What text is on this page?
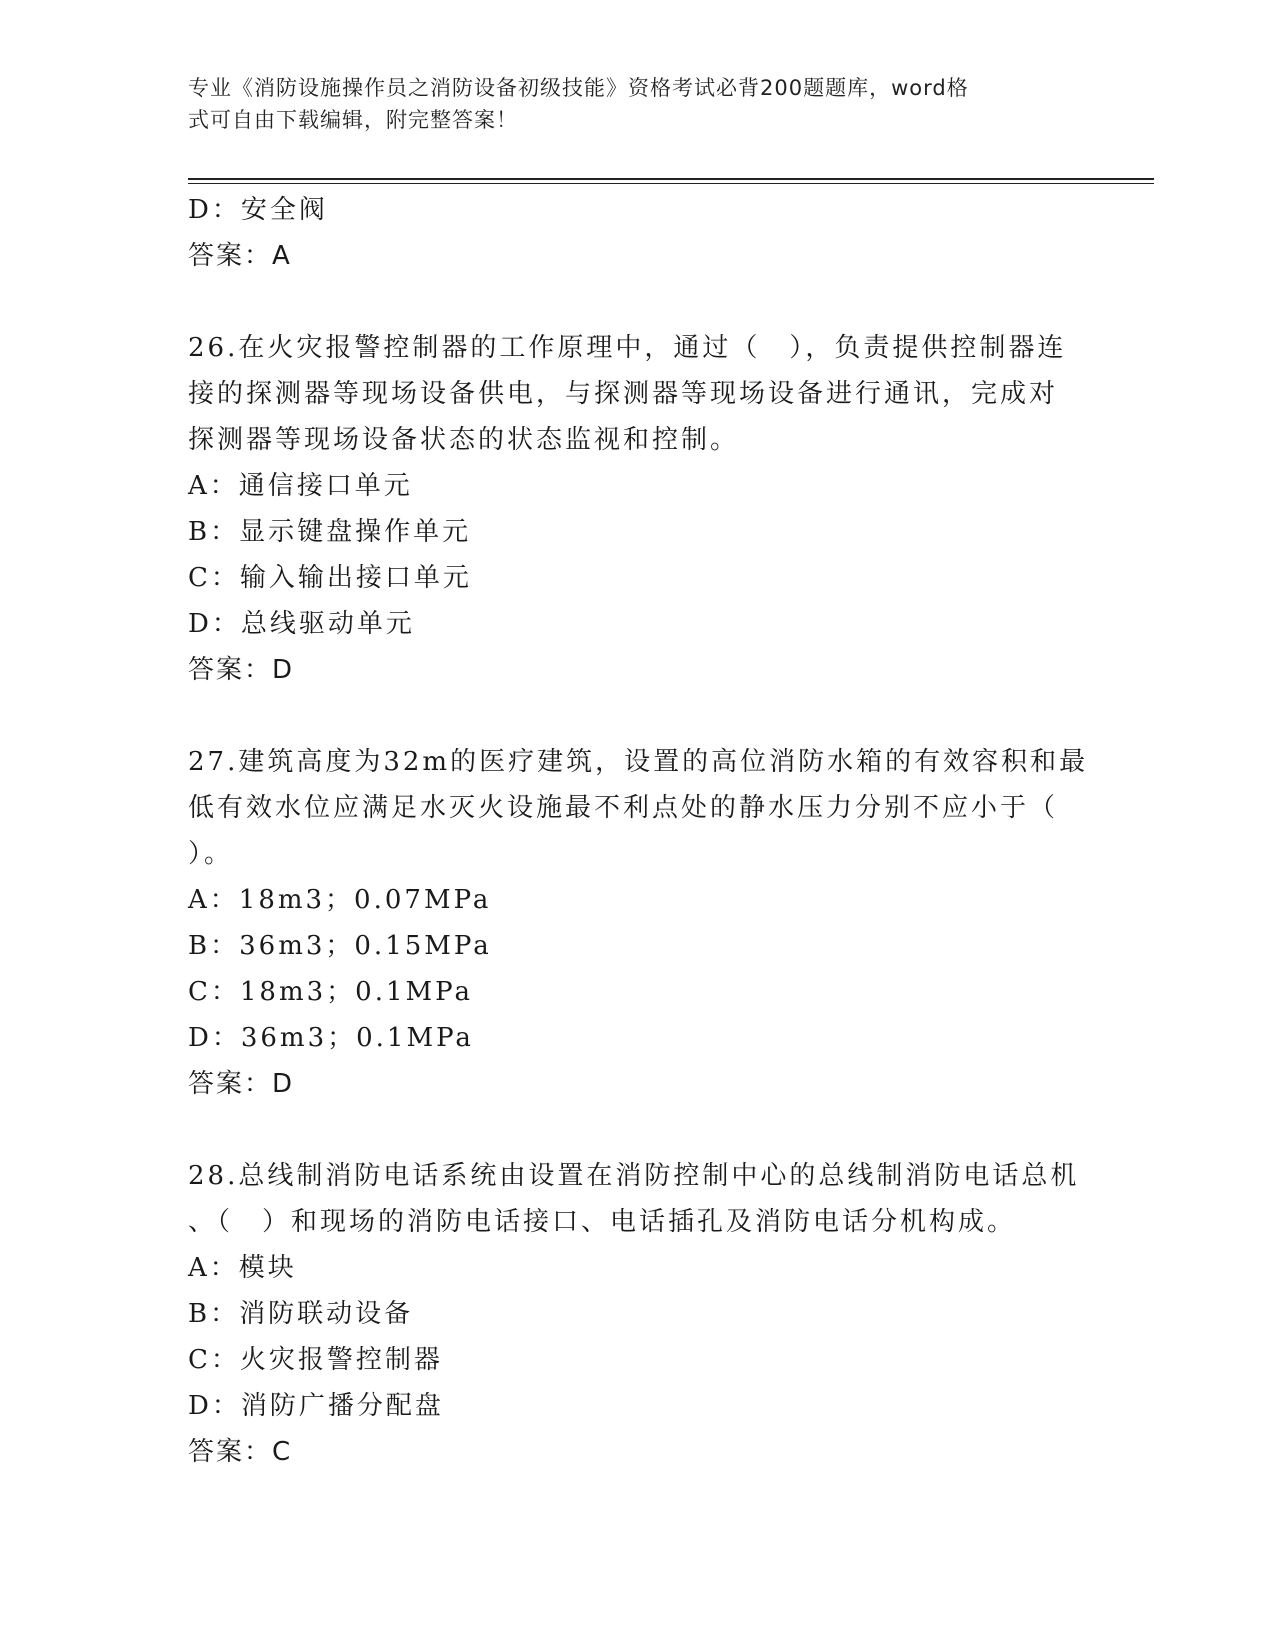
专业《消防设施操作员之消防设备初级技能》资格考试必背200题题库，word格
式可自由下载编辑，附完整答案！
D：安全阀
答案：A
26.在火灾报警控制器的工作原理中，通过（　），负责提供控制器连
接的探测器等现场设备供电，与探测器等现场设备进行通讯，完成对
探测器等现场设备状态的状态监视和控制。
A：通信接口单元
B：显示键盘操作单元
C：输入输出接口单元
D：总线驱动单元
答案：D
27.建筑高度为32m的医疗建筑，设置的高位消防水箱的有效容积和最
低有效水位应满足水灭火设施最不利点处的静水压力分别不应小于（
）。
A：18m3；0.07MPa
B：36m3；0.15MPa
C：18m3；0.1MPa
D：36m3；0.1MPa
答案：D
28.总线制消防电话系统由设置在消防控制中心的总线制消防电话总机
、（　）和现场的消防电话接口、电话插孔及消防电话分机构成。
A：模块
B：消防联动设备
C：火灾报警控制器
D：消防广播分配盘
答案：C
